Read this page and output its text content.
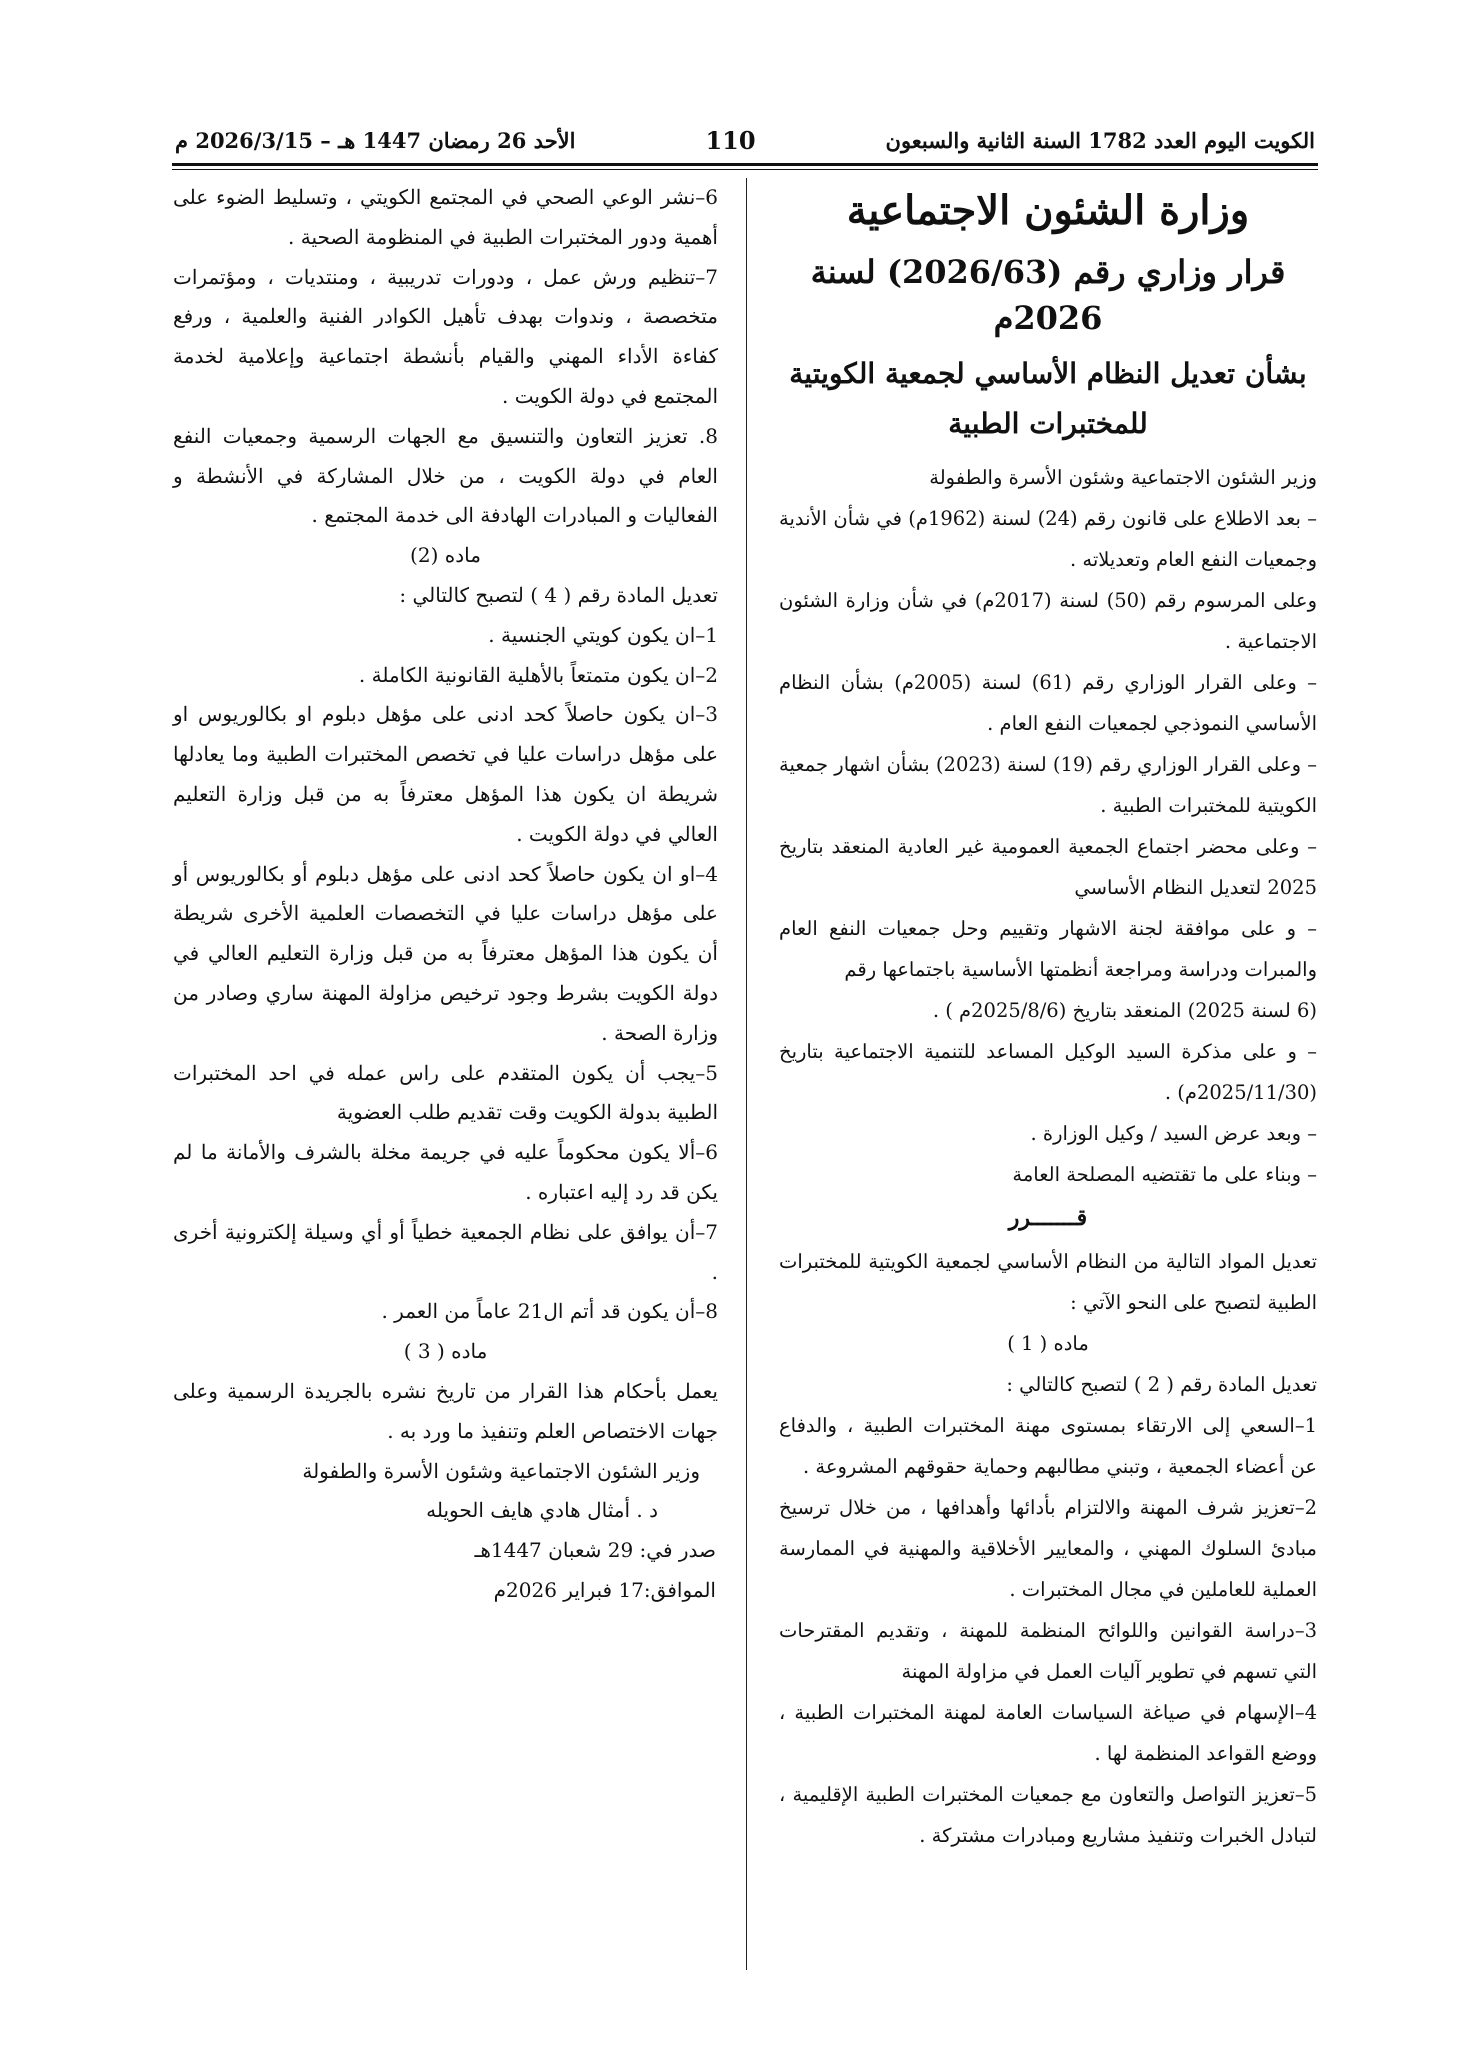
الأحد 26 رمضان 1447 هـ – 2026/3/15 م	110	الكويت اليوم العدد 1782 السنة الثانية والسبعون
وزارة الشئون الاجتماعية
قرار وزاري رقم (2026/63) لسنة 2026م
بشأن تعديل النظام الأساسي لجمعية الكويتية
للمختبرات الطبية

وزير الشئون الاجتماعية وشئون الأسرة والطفولة

– بعد الاطلاع على قانون رقم (24) لسنة (1962م) في شأن الأندية وجمعيات النفع العام وتعديلاته .

وعلى المرسوم رقم (50) لسنة (2017م) في شأن وزارة الشئون الاجتماعية .

– وعلى القرار الوزاري رقم (61) لسنة (2005م) بشأن النظام الأساسي النموذجي لجمعيات النفع العام .

– وعلى القرار الوزاري رقم (19) لسنة (2023) بشأن اشهار جمعية الكويتية للمختبرات الطبية .

– وعلى محضر اجتماع الجمعية العمومية غير العادية المنعقد بتاريخ 2025 لتعديل النظام الأساسي

– و على موافقة لجنة الاشهار وتقييم وحل جمعيات النفع العام والمبرات ودراسة ومراجعة أنظمتها الأساسية باجتماعها رقم

(6 لسنة 2025) المنعقد بتاريخ (2025/8/6م ) .

– و على مذكرة السيد الوكيل المساعد للتنمية الاجتماعية بتاريخ (2025/11/30م) .

– وبعد عرض السيد / وكيل الوزارة .

– وبناء على ما تقتضيه المصلحة العامة

قـــــــرر

تعديل المواد التالية من النظام الأساسي لجمعية الكويتية للمختبرات الطبية لتصبح على النحو الآتي :

ماده ( 1 )

تعديل المادة رقم ( 2 ) لتصبح كالتالي :

1–السعي إلى الارتقاء بمستوى مهنة المختبرات الطبية ، والدفاع عن أعضاء الجمعية ، وتبني مطالبهم وحماية حقوقهم المشروعة .

2–تعزيز شرف المهنة والالتزام بأدائها وأهدافها ، من خلال ترسيخ مبادئ السلوك المهني ، والمعايير الأخلاقية والمهنية في الممارسة العملية للعاملين في مجال المختبرات .

3–دراسة القوانين واللوائح المنظمة للمهنة ، وتقديم المقترحات التي تسهم في تطوير آليات العمل في مزاولة المهنة

4–الإسهام في صياغة السياسات العامة لمهنة المختبرات الطبية ، ووضع القواعد المنظمة لها .

5–تعزيز التواصل والتعاون مع جمعيات المختبرات الطبية الإقليمية ، لتبادل الخبرات وتنفيذ مشاريع ومبادرات مشتركة .

6–نشر الوعي الصحي في المجتمع الكويتي ، وتسليط الضوء على أهمية ودور المختبرات الطبية في المنظومة الصحية .

7–تنظيم ورش عمل ، ودورات تدريبية ، ومنتديات ، ومؤتمرات متخصصة ، وندوات بهدف تأهيل الكوادر الفنية والعلمية ، ورفع كفاءة الأداء المهني والقيام بأنشطة اجتماعية وإعلامية لخدمة المجتمع في دولة الكويت .

8. تعزيز التعاون والتنسيق مع الجهات الرسمية وجمعيات النفع العام في دولة الكويت ، من خلال المشاركة في الأنشطة و الفعاليات و المبادرات الهادفة الى خدمة المجتمع .

ماده (2)

تعديل المادة رقم ( 4 ) لتصبح كالتالي :

1–ان يكون كويتي الجنسية .

2–ان يكون متمتعاً بالأهلية القانونية الكاملة .

3–ان يكون حاصلاً كحد ادنى على مؤهل دبلوم او بكالوريوس او على مؤهل دراسات عليا في تخصص المختبرات الطبية وما يعادلها شريطة ان يكون هذا المؤهل معترفاً به من قبل وزارة التعليم العالي في دولة الكويت .

4–او ان يكون حاصلاً كحد ادنى على مؤهل دبلوم أو بكالوريوس أو على مؤهل دراسات عليا في التخصصات العلمية الأخرى شريطة أن يكون هذا المؤهل معترفاً به من قبل وزارة التعليم العالي في دولة الكويت بشرط وجود ترخيص مزاولة المهنة ساري وصادر من وزارة الصحة .

5–يجب أن يكون المتقدم على راس عمله في احد المختبرات الطبية بدولة الكويت وقت تقديم طلب العضوية

6–ألا يكون محكوماً عليه في جريمة مخلة بالشرف والأمانة ما لم يكن قد رد إليه اعتباره .

7–أن يوافق على نظام الجمعية خطياً أو أي وسيلة إلكترونية أخرى .

8–أن يكون قد أتم ال21 عاماً من العمر .

ماده ( 3 )

يعمل بأحكام هذا القرار من تاريخ نشره بالجريدة الرسمية وعلى جهات الاختصاص العلم وتنفيذ ما ورد به .

وزير الشئون الاجتماعية وشئون الأسرة والطفولة

د . أمثال هادي هايف الحويله

صدر في: 29 شعبان 1447هـ

الموافق:17 فبراير 2026م
